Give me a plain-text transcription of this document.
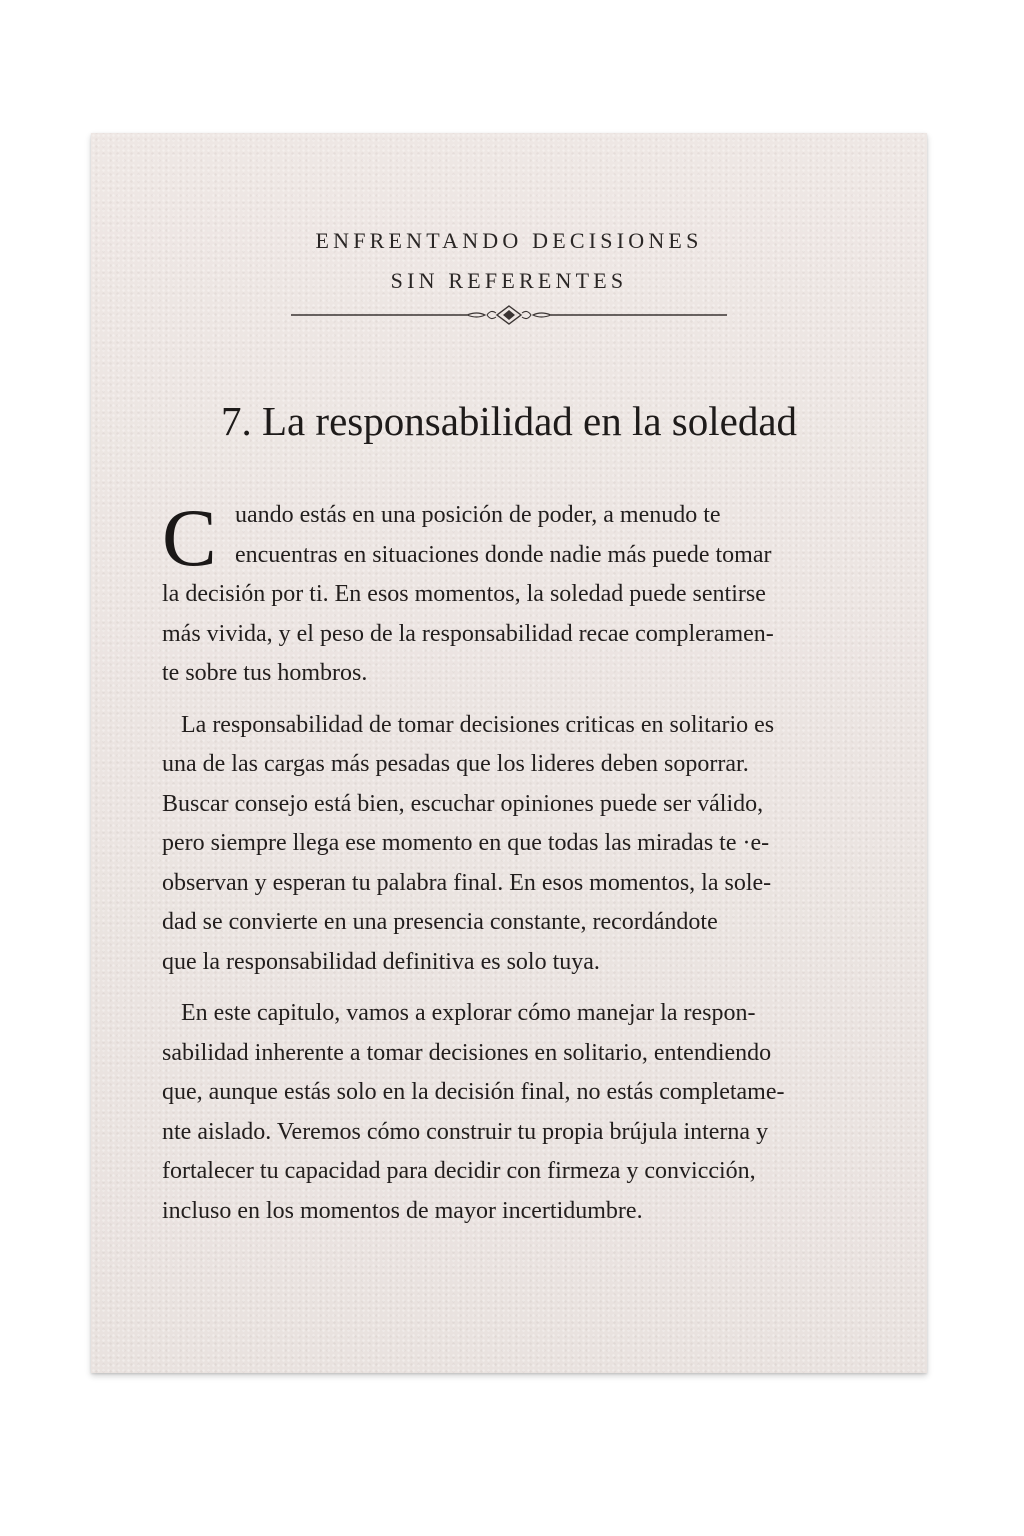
ENFRENTANDO DECISIONES
SIN REFERENTES
7. La responsabilidad en la soledad
C uando estás en una posición de poder, a menudo te
encuentras en situaciones donde nadie más puede tomar
la decisión por ti. En esos momentos, la soledad puede sentirse
más vivida, y el peso de la responsabilidad recae compleramen-
te sobre tus hombros.
La responsabilidad de tomar decisiones criticas en solitario es
una de las cargas más pesadas que los lideres deben soporrar.
Buscar consejo está bien, escuchar opiniones puede ser válido,
pero siempre llega ese momento en que todas las miradas te ·e-
observan y esperan tu palabra final. En esos momentos, la sole-
dad se convierte en una presencia constante, recordándote
que la responsabilidad definitiva es solo tuya.
En este capitulo, vamos a explorar cómo manejar la respon-
sabilidad inherente a tomar decisiones en solitario, entendiendo
que, aunque estás solo en la decisión final, no estás completame-
nte aislado. Veremos cómo construir tu propia brújula interna y
fortalecer tu capacidad para decidir con firmeza y convicción,
incluso en los momentos de mayor incertidumbre.
